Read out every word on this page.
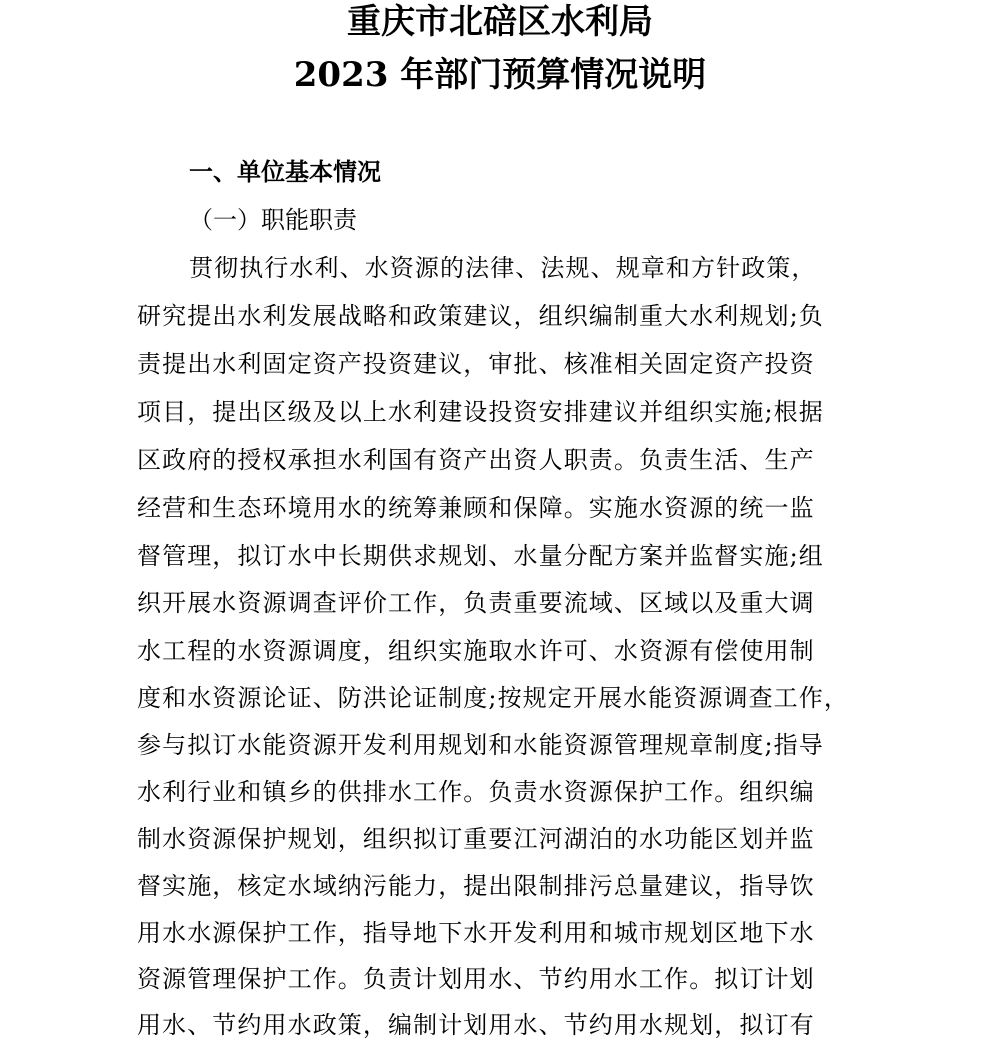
重庆市北碚区水利局
2023 年部门预算情况说明
一、单位基本情况
（一）职能职责
贯彻执行水利、水资源的法律、法规、规章和方针政策，
研究提出水利发展战略和政策建议，组织编制重大水利规划;负
责提出水利固定资产投资建议，审批、核准相关固定资产投资
项目，提出区级及以上水利建设投资安排建议并组织实施;根据
区政府的授权承担水利国有资产出资人职责。负责生活、生产
经营和生态环境用水的统筹兼顾和保障。实施水资源的统一监
督管理，拟订水中长期供求规划、水量分配方案并监督实施;组
织开展水资源调查评价工作，负责重要流域、区域以及重大调
水工程的水资源调度，组织实施取水许可、水资源有偿使用制
度和水资源论证、防洪论证制度;按规定开展水能资源调查工作，
参与拟订水能资源开发利用规划和水能资源管理规章制度;指导
水利行业和镇乡的供排水工作。负责水资源保护工作。组织编
制水资源保护规划，组织拟订重要江河湖泊的水功能区划并监
督实施，核定水域纳污能力，提出限制排污总量建议，指导饮
用水水源保护工作，指导地下水开发利用和城市规划区地下水
资源管理保护工作。负责计划用水、节约用水工作。拟订计划
用水、节约用水政策，编制计划用水、节约用水规划，拟订有
